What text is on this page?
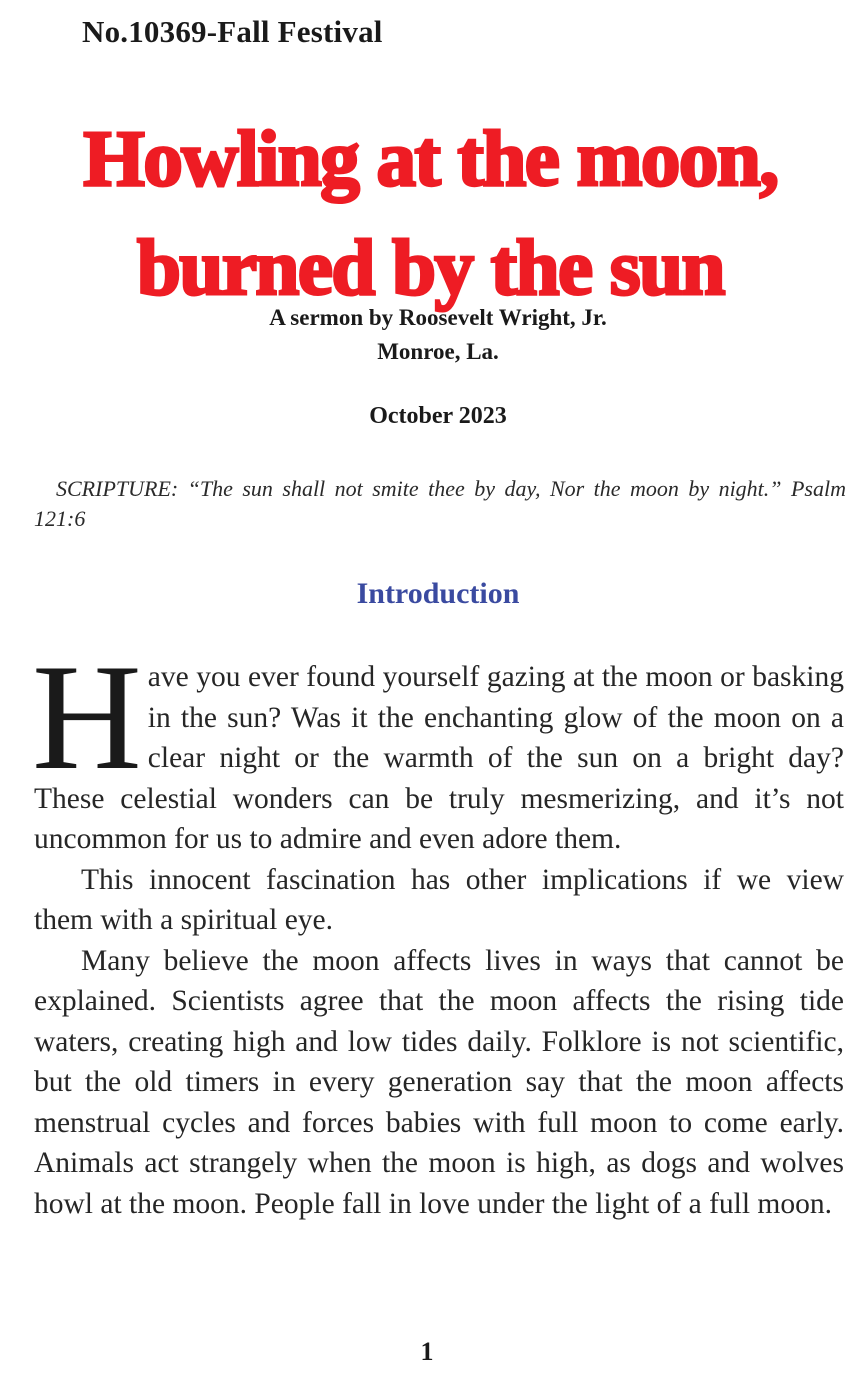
No.10369-Fall Festival
Howling at the moon,
burned by the sun
A sermon by Roosevelt Wright, Jr.
Monroe, La.
October 2023
SCRIPTURE: “The sun shall not smite thee by day, Nor the moon by night.” Psalm 121:6
Introduction

Have you ever found yourself gazing at the moon or basking in the sun? Was it the enchanting glow of the moon on a clear night or the warmth of the sun on a bright day? These celestial wonders can be truly mesmerizing, and it’s not uncommon for us to admire and even adore them.

This innocent fascination has other implications if we view them with a spiritual eye.

Many believe the moon affects lives in ways that cannot be explained. Scientists agree that the moon affects the rising tide waters, creating high and low tides daily. Folklore is not scientific, but the old timers in every generation say that the moon affects menstrual cycles and forces babies with full moon to come early. Animals act strangely when the moon is high, as dogs and wolves howl at the moon. People fall in love under the light of a full moon.

1
